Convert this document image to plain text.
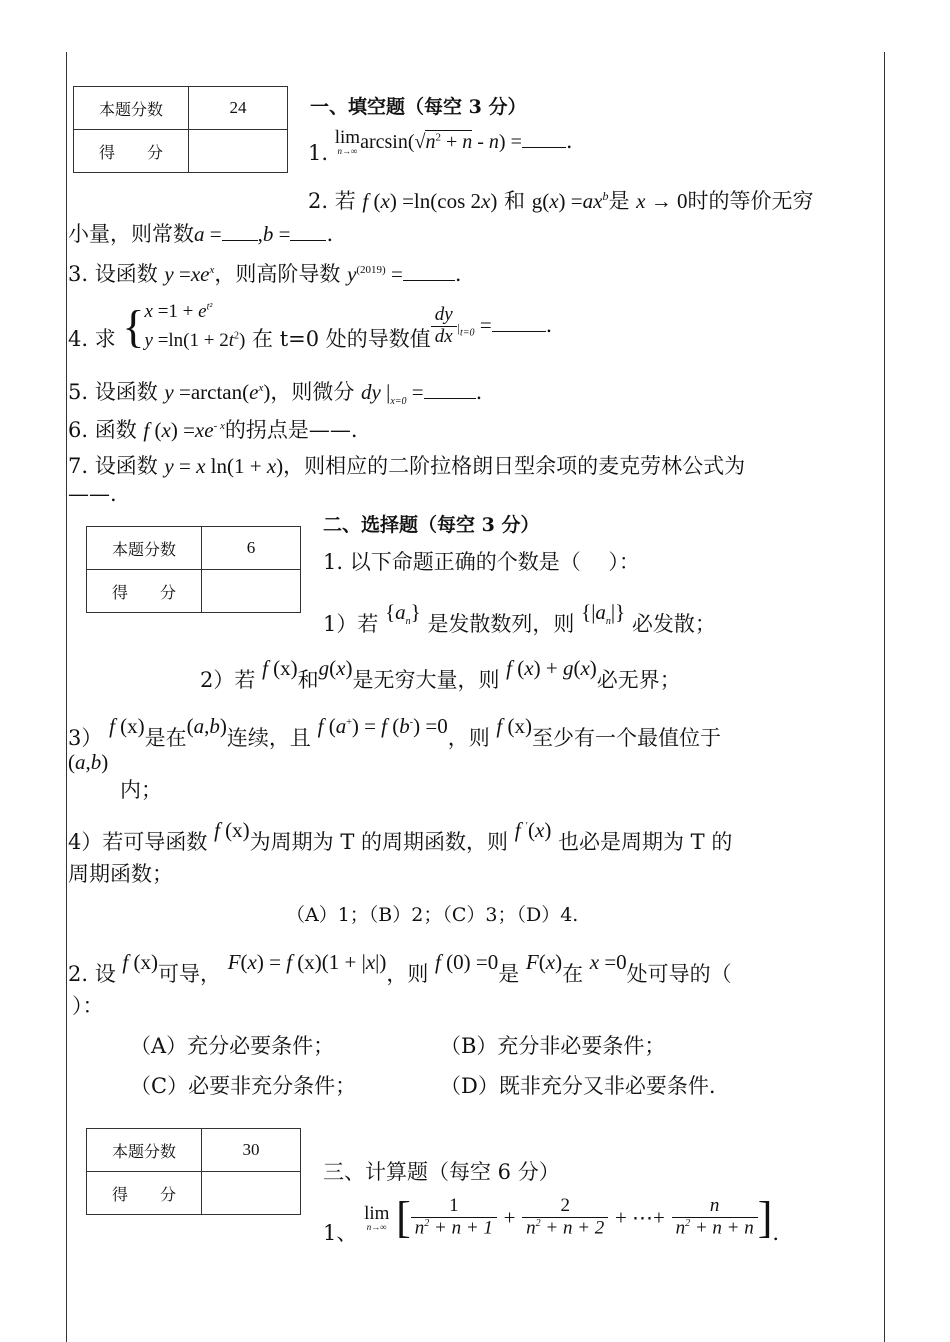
本题分数	24
得　　分	
一、填空题（每空 3 分）
1.
lim
n→∞ $\arcsin(√n^2 + n - n)$ = .
2. 若 f (x) =ln(cos 2x) 和 $g(x) =ax^b$是 x → 0时的等价无穷
小量，则常数a = ,b = .
3. 设函数 $y =xe^x$，则高阶导数 $y^{(2019)}$ = .
4. 求 { $x =1 + e^{t^2}$
$y =\ln(1 + 2t^2)$ 在 t=0 处的导数值 $\frac{dy}{dx} |_{t=0}$ =	.
5. 设函数 $y =\arctan(e^x)$，则微分 dy $|_{x=0}$ = .
6. 函数 f $(x) =xe^{- x}$的拐点是——.
7. 设函数 y = x ln(1 + x)，则相应的二阶拉格朗日型余项的麦克劳林公式为
——.
本题分数	6
得　　分	
二、选择题（每空 3 分）
1. 以下命题正确的个数是（　 ）：
1）若 $\{a_n\}$ 是发散数列，则 $\{|a_n|\}$ 必发散；
2）若 f (x)和g(x)是无穷大量，则 f (x) + g(x)必无界；
3） f (x)是在(a,b)连续，且 f (a+) = f (b-) =0，则 f (x)至少有一个最值位于
(a,b)
内；
4）若可导函数 f (x)为周期为 T 的周期函数，则 f ′(x) 也必是周期为 T 的
周期函数；
（A）1；（B）2；（C）3；（D）4.
2. 设 f (x)可导， F(x) = f (x)(1 + |x|)，则 f (0) =0是 F(x)在 x =0处可导的（
）：
（A）充分必要条件；	（B）充分非必要条件；
（C）必要非充分条件；	（D）既非充分又非必要条件.
本题分数	30
得　　分	
三、计算题（每空 6 分）
1、
lim
n→∞ [ $\frac{1}{n^2 + n + 1} + \frac{2}{n^2 + n + 2}$ + ⋯+ $\frac{n}{n^2 + n + n}$ ].
